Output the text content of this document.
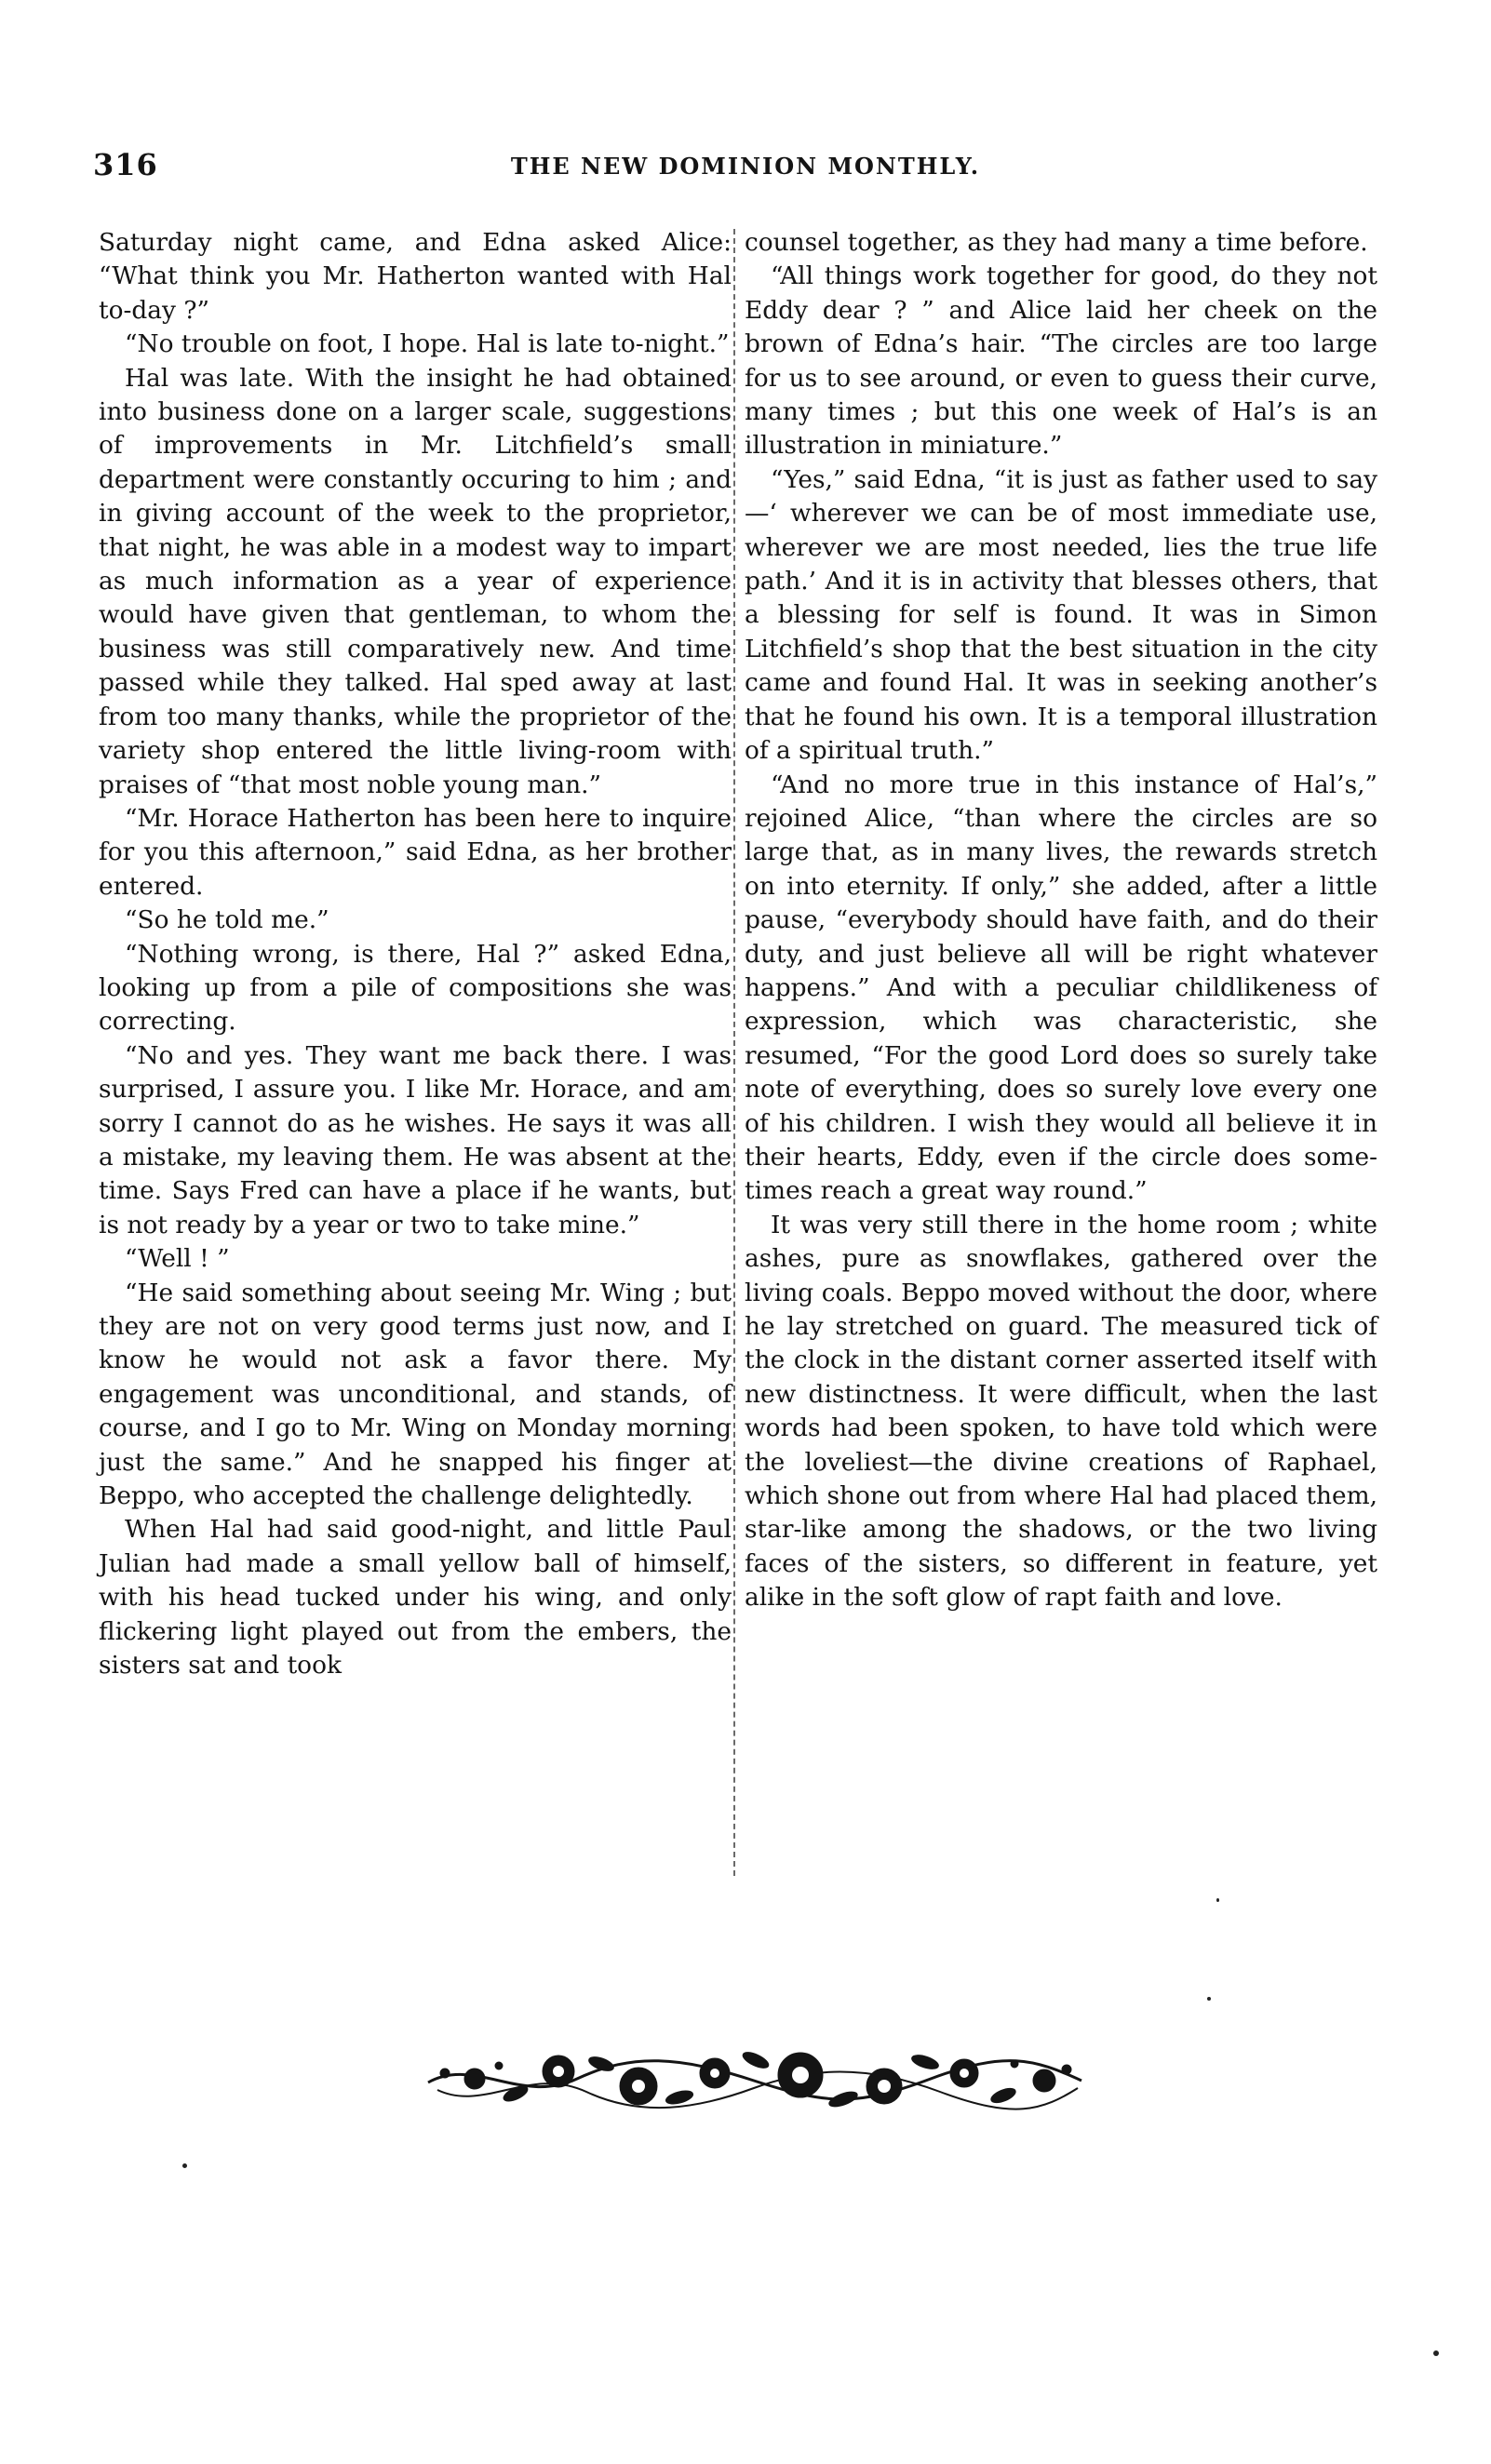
316	THE NEW DOMINION MONTHLY.

Saturday night came, and Edna asked Alice: “What think you Mr. Hatherton wanted with Hal to-day ?”

“No trouble on foot, I hope. Hal is late to-night.”

Hal was late. With the insight he had obtained into business done on a larger scale, suggestions of improvements in Mr. Litchfield’s small department were constantly occuring to him ; and in giving account of the week to the proprietor, that night, he was able in a modest way to impart as much information as a year of experience would have given that gentleman, to whom the business was still comparatively new. And time passed while they talked. Hal sped away at last from too many thanks, while the proprietor of the variety shop entered the little living-room with praises of “that most noble young man.”

“Mr. Horace Hatherton has been here to inquire for you this afternoon,” said Edna, as her brother entered.

“So he told me.”

“Nothing wrong, is there, Hal ?” asked Edna, looking up from a pile of compositions she was correcting.

“No and yes. They want me back there. I was surprised, I assure you. I like Mr. Horace, and am sorry I cannot do as he wishes. He says it was all a mistake, my leaving them. He was absent at the time. Says Fred can have a place if he wants, but is not ready by a year or two to take mine.”

“Well ! ”

“He said something about seeing Mr. Wing ; but they are not on very good terms just now, and I know he would not ask a favor there. My engagement was unconditional, and stands, of course, and I go to Mr. Wing on Monday morning just the same.” And he snapped his finger at Beppo, who accepted the challenge delightedly.

When Hal had said good-night, and little Paul Julian had made a small yellow ball of himself, with his head tucked under his wing, and only flickering light played out from the embers, the sisters sat and took

counsel together, as they had many a time before.

“All things work together for good, do they not Eddy dear ? ” and Alice laid her cheek on the brown of Edna’s hair. “The circles are too large for us to see around, or even to guess their curve, many times ; but this one week of Hal’s is an illustration in miniature.”

“Yes,” said Edna, “it is just as father used to say—‘ wherever we can be of most immediate use, wherever we are most needed, lies the true life path.’ And it is in activity that blesses others, that a blessing for self is found. It was in Simon Litchfield’s shop that the best situation in the city came and found Hal. It was in seeking another’s that he found his own. It is a temporal illustration of a spiritual truth.”

“And no more true in this instance of Hal’s,” rejoined Alice, “than where the circles are so large that, as in many lives, the rewards stretch on into eternity. If only,” she added, after a little pause, “everybody should have faith, and do their duty, and just believe all will be right whatever happens.” And with a peculiar childlikeness of expression, which was characteristic, she resumed, “For the good Lord does so surely take note of everything, does so surely love every one of his children. I wish they would all believe it in their hearts, Eddy, even if the circle does sometimes reach a great way round.”

It was very still there in the home room ; white ashes, pure as snowflakes, gathered over the living coals. Beppo moved without the door, where he lay stretched on guard. The measured tick of the clock in the distant corner asserted itself with new distinctness. It were difficult, when the last words had been spoken, to have told which were the loveliest—the divine creations of Raphael, which shone out from where Hal had placed them, star-like among the shadows, or the two living faces of the sisters, so different in feature, yet alike in the soft glow of rapt faith and love.
